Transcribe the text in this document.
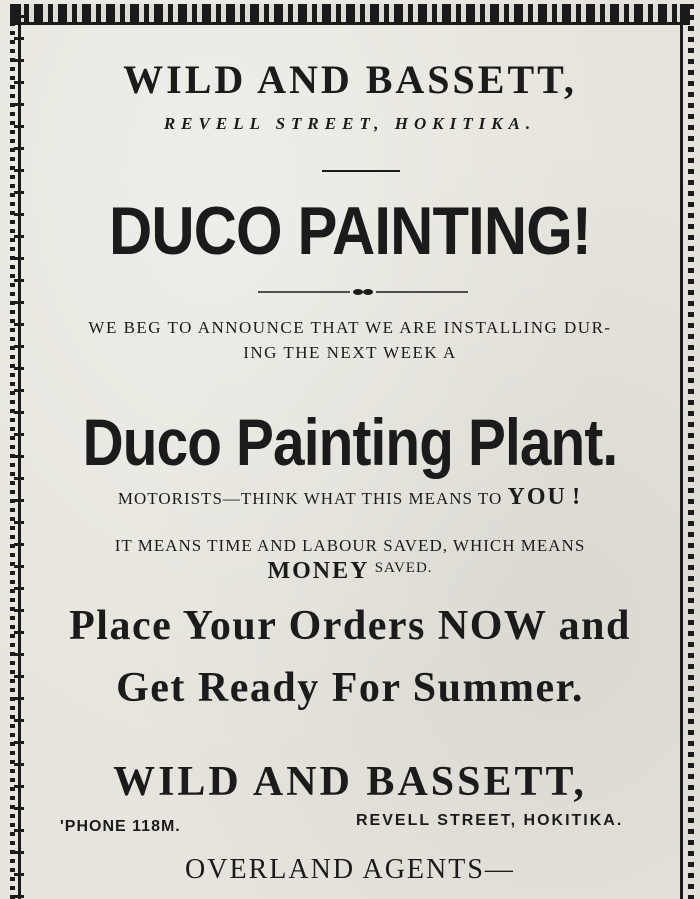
WILD AND BASSETT,
REVELL STREET, HOKITIKA.
DUCO PAINTING!
WE BEG TO ANNOUNCE THAT WE ARE INSTALLING DUR-
ING THE NEXT WEEK A
Duco Painting Plant.
MOTORISTS—THINK WHAT THIS MEANS TO YOU !
IT MEANS TIME AND LABOUR SAVED, WHICH MEANS
MONEY SAVED.
Place Your Orders NOW and
Get Ready For Summer.
WILD AND BASSETT,
'PHONE 118M.	REVELL STREET, HOKITIKA.
OVERLAND AGENTS—
